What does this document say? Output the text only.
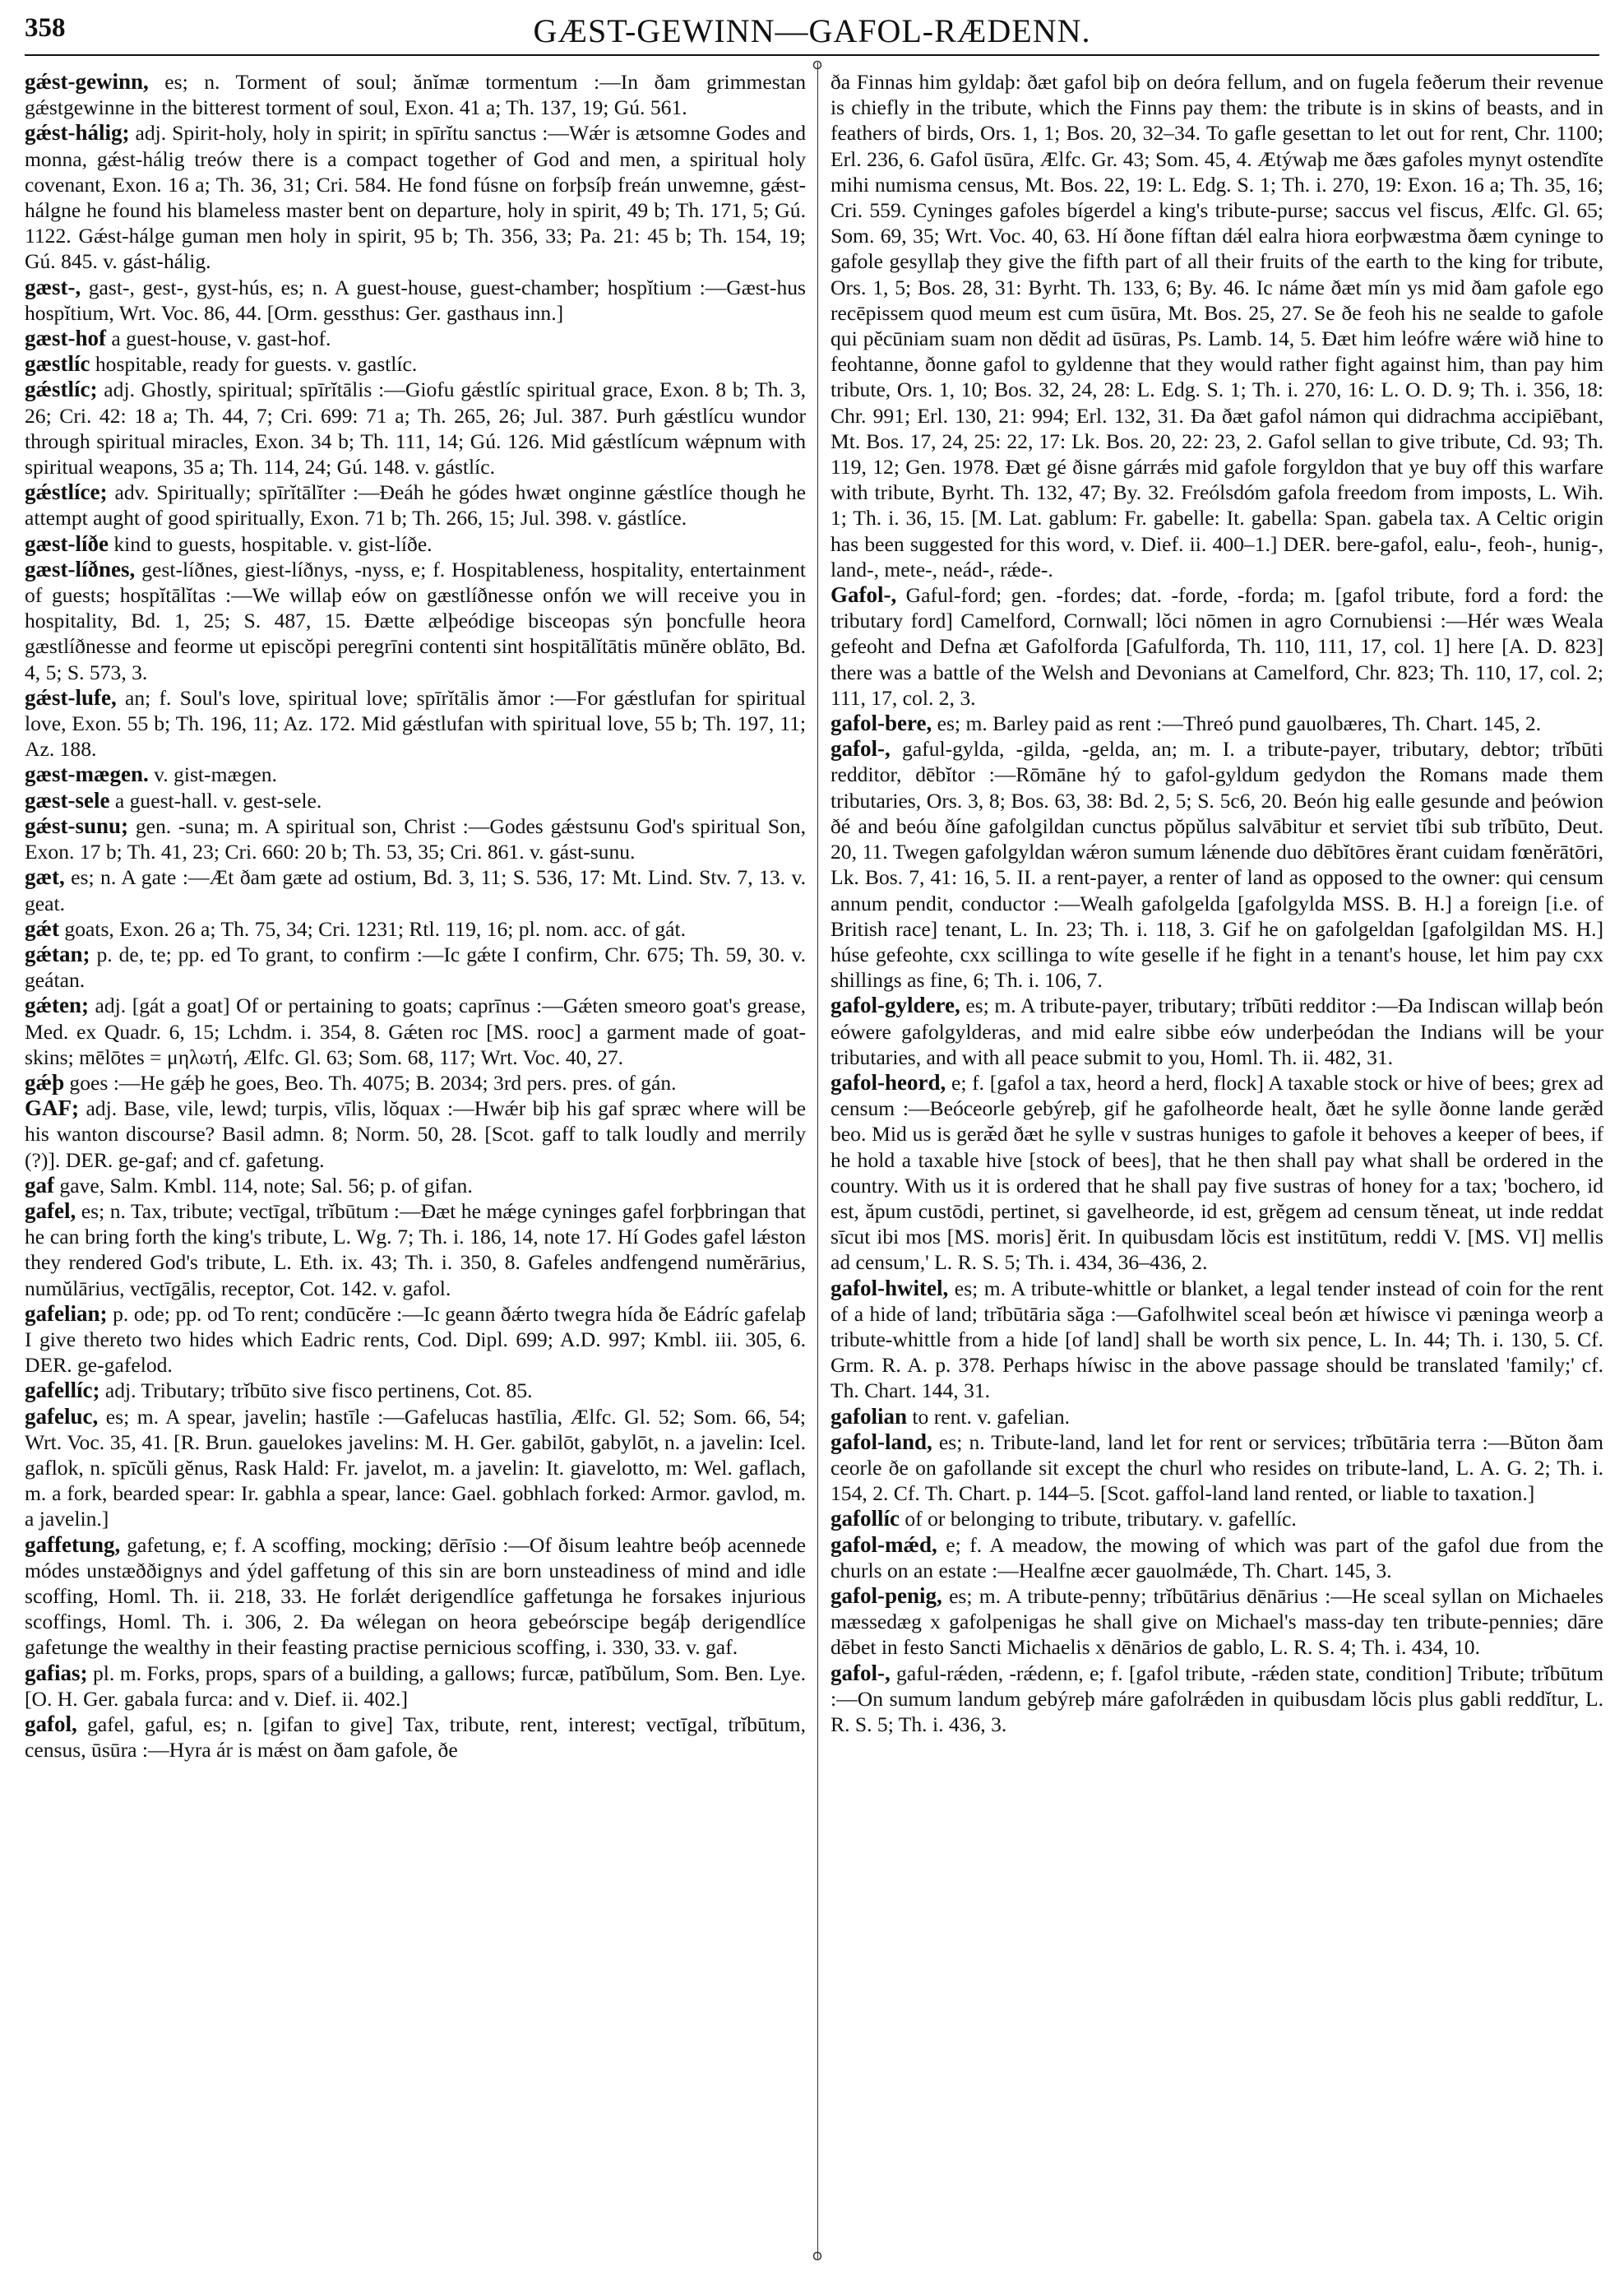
358	GÆST-GEWINN—GAFOL-RÆDENN.

gǽst-gewinn, es; n. Torment of soul; ănĭmæ tormentum :—In ðam grimmestan gǽstgewinne in the bitterest torment of soul, Exon. 41 a; Th. 137, 19; Gú. 561.

gǽst-hálig; adj. Spirit-holy, holy in spirit; in spīrĭtu sanctus :—Wǽr is ætsomne Godes and monna, gǽst-hálig treów there is a compact together of God and men, a spiritual holy covenant, Exon. 16 a; Th. 36, 31; Cri. 584. He fond fúsne on forþsíþ freán unwemne, gǽst-hálgne he found his blameless master bent on departure, holy in spirit, 49 b; Th. 171, 5; Gú. 1122. Gǽst-hálge guman men holy in spirit, 95 b; Th. 356, 33; Pa. 21: 45 b; Th. 154, 19; Gú. 845. v. gást-hálig.

gæst-, gast-, gest-, gyst-hús, es; n. A guest-house, guest-chamber; hospĭtium :—Gæst-hus hospĭtium, Wrt. Voc. 86, 44. [Orm. gessthus: Ger. gasthaus inn.]

gæst-hof a guest-house, v. gast-hof.

gæstlíc hospitable, ready for guests. v. gastlíc.

gǽstlíc; adj. Ghostly, spiritual; spīrĭtālis :—Giofu gǽstlíc spiritual grace, Exon. 8 b; Th. 3, 26; Cri. 42: 18 a; Th. 44, 7; Cri. 699: 71 a; Th. 265, 26; Jul. 387. Þurh gǽstlícu wundor through spiritual miracles, Exon. 34 b; Th. 111, 14; Gú. 126. Mid gǽstlícum wǽpnum with spiritual weapons, 35 a; Th. 114, 24; Gú. 148. v. gástlíc.

gǽstlíce; adv. Spiritually; spīrĭtālĭter :—Ðeáh he gódes hwæt onginne gǽstlíce though he attempt aught of good spiritually, Exon. 71 b; Th. 266, 15; Jul. 398. v. gástlíce.

gæst-líðe kind to guests, hospitable. v. gist-líðe.

gæst-líðnes, gest-líðnes, giest-líðnys, -nyss, e; f. Hospitableness, hospitality, entertainment of guests; hospĭtālĭtas :—We willaþ eów on gæstlíðnesse onfón we will receive you in hospitality, Bd. 1, 25; S. 487, 15. Ðætte ælþeódige bisceopas sýn þoncfulle heora gæstlíðnesse and feorme ut episcŏpi peregrīni contenti sint hospitālĭtātis mūnĕre oblāto, Bd. 4, 5; S. 573, 3.

gǽst-lufe, an; f. Soul's love, spiritual love; spīrĭtālis ămor :—For gǽstlufan for spiritual love, Exon. 55 b; Th. 196, 11; Az. 172. Mid gǽstlufan with spiritual love, 55 b; Th. 197, 11; Az. 188.

gæst-mægen. v. gist-mægen.

gæst-sele a guest-hall. v. gest-sele.

gǽst-sunu; gen. -suna; m. A spiritual son, Christ :—Godes gǽstsunu God's spiritual Son, Exon. 17 b; Th. 41, 23; Cri. 660: 20 b; Th. 53, 35; Cri. 861. v. gást-sunu.

gæt, es; n. A gate :—Æt ðam gæte ad ostium, Bd. 3, 11; S. 536, 17: Mt. Lind. Stv. 7, 13. v. geat.

gǽt goats, Exon. 26 a; Th. 75, 34; Cri. 1231; Rtl. 119, 16; pl. nom. acc. of gát.

gǽtan; p. de, te; pp. ed To grant, to confirm :—Ic gǽte I confirm, Chr. 675; Th. 59, 30. v. geátan.

gǽten; adj. [gát a goat] Of or pertaining to goats; caprīnus :—Gǽten smeoro goat's grease, Med. ex Quadr. 6, 15; Lchdm. i. 354, 8. Gǽten roc [MS. rooc] a garment made of goat-skins; mēlōtes = μηλωτή, Ælfc. Gl. 63; Som. 68, 117; Wrt. Voc. 40, 27.

gǽþ goes :—He gǽþ he goes, Beo. Th. 4075; B. 2034; 3rd pers. pres. of gán.

GAF; adj. Base, vile, lewd; turpis, vīlis, lŏquax :—Hwǽr biþ his gaf spræc where will be his wanton discourse? Basil admn. 8; Norm. 50, 28. [Scot. gaff to talk loudly and merrily (?)]. DER. ge-gaf; and cf. gafetung.

gaf gave, Salm. Kmbl. 114, note; Sal. 56; p. of gifan.

gafel, es; n. Tax, tribute; vectīgal, trĭbūtum :—Ðæt he mǽge cyninges gafel forþbringan that he can bring forth the king's tribute, L. Wg. 7; Th. i. 186, 14, note 17. Hí Godes gafel lǽston they rendered God's tribute, L. Eth. ix. 43; Th. i. 350, 8. Gafeles andfengend numĕrārius, numŭlārius, vectīgālis, receptor, Cot. 142. v. gafol.

gafelian; p. ode; pp. od To rent; condūcĕre :—Ic geann ðǽrto twegra hída ðe Eádríc gafelaþ I give thereto two hides which Eadric rents, Cod. Dipl. 699; A.D. 997; Kmbl. iii. 305, 6. DER. ge-gafelod.

gafellíc; adj. Tributary; trĭbūto sive fisco pertinens, Cot. 85.

gafeluc, es; m. A spear, javelin; hastīle :—Gafelucas hastīlia, Ælfc. Gl. 52; Som. 66, 54; Wrt. Voc. 35, 41. [R. Brun. gauelokes javelins: M. H. Ger. gabilōt, gabylōt, n. a javelin: Icel. gaflok, n. spīcŭli gĕnus, Rask Hald: Fr. javelot, m. a javelin: It. giavelotto, m: Wel. gaflach, m. a fork, bearded spear: Ir. gabhla a spear, lance: Gael. gobhlach forked: Armor. gavlod, m. a javelin.]

gaffetung, gafetung, e; f. A scoffing, mocking; dērīsio :—Of ðisum leahtre beóþ acennede módes unstæððignys and ýdel gaffetung of this sin are born unsteadiness of mind and idle scoffing, Homl. Th. ii. 218, 33. He forlǽt derigendlíce gaffetunga he forsakes injurious scoffings, Homl. Th. i. 306, 2. Ða wélegan on heora gebeórscipe begáþ derigendlíce gafetunge the wealthy in their feasting practise pernicious scoffing, i. 330, 33. v. gaf.

gafias; pl. m. Forks, props, spars of a building, a gallows; furcæ, patĭbŭlum, Som. Ben. Lye. [O. H. Ger. gabala furca: and v. Dief. ii. 402.]

gafol, gafel, gaful, es; n. [gifan to give] Tax, tribute, rent, interest; vectīgal, trĭbūtum, census, ūsūra :—Hyra ár is mǽst on ðam gafole, ðe

ða Finnas him gyldaþ: ðæt gafol biþ on deóra fellum, and on fugela feðerum their revenue is chiefly in the tribute, which the Finns pay them: the tribute is in skins of beasts, and in feathers of birds, Ors. 1, 1; Bos. 20, 32–34. To gafle gesettan to let out for rent, Chr. 1100; Erl. 236, 6. Gafol ūsūra, Ælfc. Gr. 43; Som. 45, 4. Ætýwaþ me ðæs gafoles mynyt ostendĭte mihi numisma census, Mt. Bos. 22, 19: L. Edg. S. 1; Th. i. 270, 19: Exon. 16 a; Th. 35, 16; Cri. 559. Cyninges gafoles bígerdel a king's tribute-purse; saccus vel fiscus, Ælfc. Gl. 65; Som. 69, 35; Wrt. Voc. 40, 63. Hí ðone fíftan dǽl ealra hiora eorþwæstma ðæm cyninge to gafole gesyllaþ they give the fifth part of all their fruits of the earth to the king for tribute, Ors. 1, 5; Bos. 28, 31: Byrht. Th. 133, 6; By. 46. Ic náme ðæt mín ys mid ðam gafole ego recēpissem quod meum est cum ūsūra, Mt. Bos. 25, 27. Se ðe feoh his ne sealde to gafole qui pĕcūniam suam non dĕdit ad ūsūras, Ps. Lamb. 14, 5. Ðæt him leófre wǽre wið hine to feohtanne, ðonne gafol to gyldenne that they would rather fight against him, than pay him tribute, Ors. 1, 10; Bos. 32, 24, 28: L. Edg. S. 1; Th. i. 270, 16: L. O. D. 9; Th. i. 356, 18: Chr. 991; Erl. 130, 21: 994; Erl. 132, 31. Ða ðæt gafol námon qui didrachma accipiēbant, Mt. Bos. 17, 24, 25: 22, 17: Lk. Bos. 20, 22: 23, 2. Gafol sellan to give tribute, Cd. 93; Th. 119, 12; Gen. 1978. Ðæt gé ðisne gárrǽs mid gafole forgyldon that ye buy off this warfare with tribute, Byrht. Th. 132, 47; By. 32. Freólsdóm gafola freedom from imposts, L. Wih. 1; Th. i. 36, 15. [M. Lat. gablum: Fr. gabelle: It. gabella: Span. gabela tax. A Celtic origin has been suggested for this word, v. Dief. ii. 400–1.] DER. bere-gafol, ealu-, feoh-, hunig-, land-, mete-, neád-, rǽde-.

Gafol-, Gaful-ford; gen. -fordes; dat. -forde, -forda; m. [gafol tribute, ford a ford: the tributary ford] Camelford, Cornwall; lŏci nōmen in agro Cornubiensi :—Hér wæs Weala gefeoht and Defna æt Gafolforda [Gafulforda, Th. 110, 111, 17, col. 1] here [A. D. 823] there was a battle of the Welsh and Devonians at Camelford, Chr. 823; Th. 110, 17, col. 2; 111, 17, col. 2, 3.

gafol-bere, es; m. Barley paid as rent :—Threó pund gauolbæres, Th. Chart. 145, 2.

gafol-, gaful-gylda, -gilda, -gelda, an; m. I. a tribute-payer, tributary, debtor; trĭbūti redditor, dēbĭtor :—Rōmāne hý to gafol-gyldum gedydon the Romans made them tributaries, Ors. 3, 8; Bos. 63, 38: Bd. 2, 5; S. 5c6, 20. Beón hig ealle gesunde and þeówion ðé and beóu ðíne gafolgildan cunctus pŏpŭlus salvābitur et serviet tĭbi sub trĭbūto, Deut. 20, 11. Twegen gafolgyldan wǽron sumum lǽnende duo dēbĭtōres ĕrant cuidam fœnĕrātōri, Lk. Bos. 7, 41: 16, 5. II. a rent-payer, a renter of land as opposed to the owner: qui censum annum pendit, conductor :—Wealh gafolgelda [gafolgylda MSS. B. H.] a foreign [i.e. of British race] tenant, L. In. 23; Th. i. 118, 3. Gif he on gafolgeldan [gafolgildan MS. H.] húse gefeohte, cxx scillinga to wíte geselle if he fight in a tenant's house, let him pay cxx shillings as fine, 6; Th. i. 106, 7.

gafol-gyldere, es; m. A tribute-payer, tributary; trĭbūti redditor :—Ða Indiscan willaþ beón eówere gafolgylderas, and mid ealre sibbe eów underþeódan the Indians will be your tributaries, and with all peace submit to you, Homl. Th. ii. 482, 31.

gafol-heord, e; f. [gafol a tax, heord a herd, flock] A taxable stock or hive of bees; grex ad censum :—Beóceorle gebýreþ, gif he gafolheorde healt, ðæt he sylle ðonne lande geræ̆d beo. Mid us is geræ̆d ðæt he sylle v sustras huniges to gafole it behoves a keeper of bees, if he hold a taxable hive [stock of bees], that he then shall pay what shall be ordered in the country. With us it is ordered that he shall pay five sustras of honey for a tax; 'bochero, id est, ăpum custōdi, pertinet, si gavelheorde, id est, grĕgem ad censum tĕneat, ut inde reddat sīcut ibi mos [MS. moris] ĕrit. In quibusdam lŏcis est institūtum, reddi V. [MS. VI] mellis ad censum,' L. R. S. 5; Th. i. 434, 36–436, 2.

gafol-hwitel, es; m. A tribute-whittle or blanket, a legal tender instead of coin for the rent of a hide of land; trĭbūtāria săga :—Gafolhwitel sceal beón æt híwisce vi pæninga weorþ a tribute-whittle from a hide [of land] shall be worth six pence, L. In. 44; Th. i. 130, 5. Cf. Grm. R. A. p. 378. Perhaps híwisc in the above passage should be translated 'family;' cf. Th. Chart. 144, 31.

gafolian to rent. v. gafelian.

gafol-land, es; n. Tribute-land, land let for rent or services; trĭbūtāria terra :—Bŭton ðam ceorle ðe on gafollande sit except the churl who resides on tribute-land, L. A. G. 2; Th. i. 154, 2. Cf. Th. Chart. p. 144–5. [Scot. gaffol-land land rented, or liable to taxation.]

gafollíc of or belonging to tribute, tributary. v. gafellíc.

gafol-mǽd, e; f. A meadow, the mowing of which was part of the gafol due from the churls on an estate :—Healfne æcer gauolmǽde, Th. Chart. 145, 3.

gafol-penig, es; m. A tribute-penny; trĭbūtārius dēnārius :—He sceal syllan on Michaeles mæssedæg x gafolpenigas he shall give on Michael's mass-day ten tribute-pennies; dāre dēbet in festo Sancti Michaelis x dēnārios de gablo, L. R. S. 4; Th. i. 434, 10.

gafol-, gaful-rǽden, -rǽdenn, e; f. [gafol tribute, -rǽden state, condition] Tribute; trĭbūtum :—On sumum landum gebýreþ máre gafolrǽden in quibusdam lŏcis plus gabli reddĭtur, L. R. S. 5; Th. i. 436, 3.
